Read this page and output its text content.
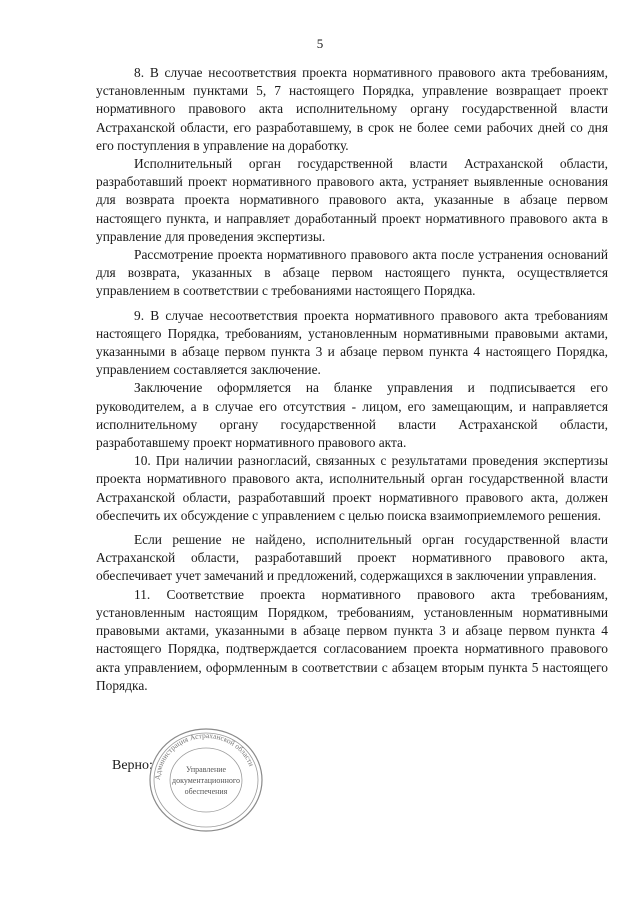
5

8. В случае несоответствия проекта нормативного правового акта требованиям, установленным пунктами 5, 7 настоящего Порядка, управление возвращает проект нормативного правового акта исполнительному органу государственной власти Астраханской области, его разработавшему, в срок не более семи рабочих дней со дня его поступления в управление на доработку.

Исполнительный орган государственной власти Астраханской области, разработавший проект нормативного правового акта, устраняет выявленные основания для возврата проекта нормативного правового акта, указанные в абзаце первом настоящего пункта, и направляет доработанный проект нормативного правового акта в управление для проведения экспертизы.

Рассмотрение проекта нормативного правового акта после устранения оснований для возврата, указанных в абзаце первом настоящего пункта, осуществляется управлением в соответствии с требованиями настоящего Порядка.

9. В случае несоответствия проекта нормативного правового акта требованиям настоящего Порядка, требованиям, установленным нормативными правовыми актами, указанными в абзаце первом пункта 3 и абзаце первом пункта 4 настоящего Порядка, управлением составляется заключение.

Заключение оформляется на бланке управления и подписывается его руководителем, а в случае его отсутствия - лицом, его замещающим, и направляется исполнительному органу государственной власти Астраханской области, разработавшему проект нормативного правового акта.

10. При наличии разногласий, связанных с результатами проведения экспертизы проекта нормативного правового акта, исполнительный орган государственной власти Астраханской области, разработавший проект нормативного правового акта, должен обеспечить их обсуждение с управлением с целью поиска взаимоприемлемого решения.

Если решение не найдено, исполнительный орган государственной власти Астраханской области, разработавший проект нормативного правового акта, обеспечивает учет замечаний и предложений, содержащихся в заключении управления.

11. Соответствие проекта нормативного правового акта требованиям, установленным настоящим Порядком, требованиям, установленным нормативными правовыми актами, указанными в абзаце первом пункта 3 и абзаце первом пункта 4 настоящего Порядка, подтверждается согласованием проекта нормативного правового акта управлением, оформленным в соответствии с абзацем вторым пункта 5 настоящего Порядка.

Верно:
Администрация Астраханской области
Управление
документационного
обеспечения
